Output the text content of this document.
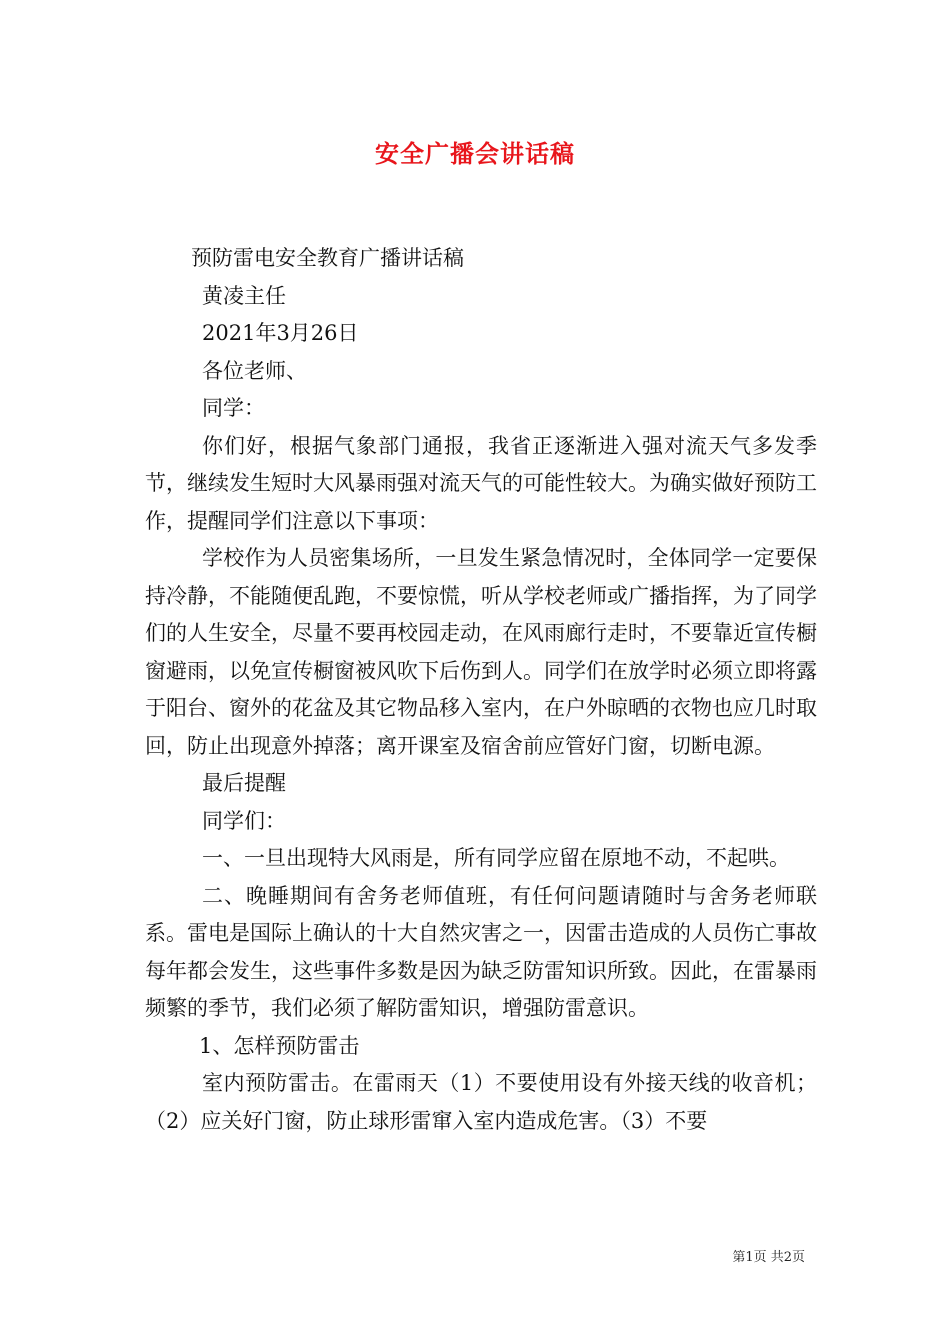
安全广播会讲话稿

预防雷电安全教育广播讲话稿

黄凌主任

2021年3月26日

各位老师、

同学：

你们好，根据气象部门通报，我省正逐渐进入强对流天气多发季节，继续发生短时大风暴雨强对流天气的可能性较大。为确实做好预防工作，提醒同学们注意以下事项：

学校作为人员密集场所，一旦发生紧急情况时，全体同学一定要保持冷静，不能随便乱跑，不要惊慌，听从学校老师或广播指挥，为了同学们的人生安全，尽量不要再校园走动，在风雨廊行走时，不要靠近宣传橱窗避雨，以免宣传橱窗被风吹下后伤到人。同学们在放学时必须立即将露于阳台、窗外的花盆及其它物品移入室内，在户外晾晒的衣物也应几时取回，防止出现意外掉落；离开课室及宿舍前应管好门窗，切断电源。

最后提醒

同学们：

一、一旦出现特大风雨是，所有同学应留在原地不动，不起哄。

二、晚睡期间有舍务老师值班，有任何问题请随时与舍务老师联系。雷电是国际上确认的十大自然灾害之一，因雷击造成的人员伤亡事故每年都会发生，这些事件多数是因为缺乏防雷知识所致。因此，在雷暴雨频繁的季节，我们必须了解防雷知识，增强防雷意识。

1、怎样预防雷击

室内预防雷击。在雷雨天（1）不要使用设有外接天线的收音机；（2）应关好门窗，防止球形雷窜入室内造成危害。（3）不要

第1页 共2页
